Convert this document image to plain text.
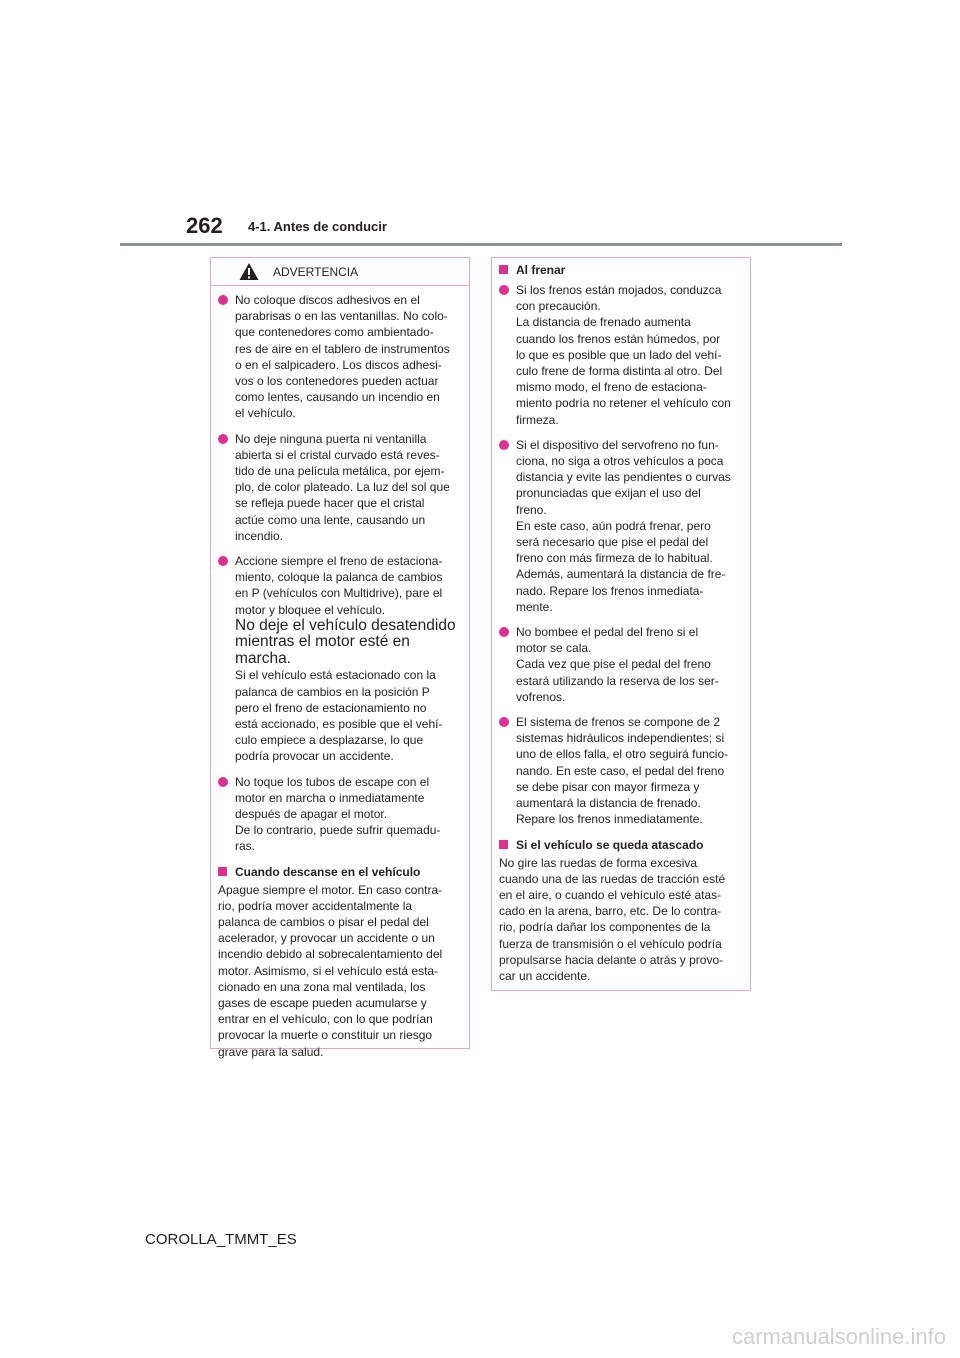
262 4-1. Antes de conducir
ADVERTENCIA

No coloque discos adhesivos en el
parabrisas o en las ventanillas. No colo-
que contenedores como ambientado-
res de aire en el tablero de instrumentos
o en el salpicadero. Los discos adhesi-
vos o los contenedores pueden actuar
como lentes, causando un incendio en
el vehículo.

No deje ninguna puerta ni ventanilla
abierta si el cristal curvado está reves-
tido de una película metálica, por ejem-
plo, de color plateado. La luz del sol que
se refleja puede hacer que el cristal
actúe como una lente, causando un
incendio.

Accione siempre el freno de estaciona-
miento, coloque la palanca de cambios
en P (vehículos con Multidrive), pare el
motor y bloquee el vehículo.

No deje el vehículo desatendido
mientras el motor esté en marcha.

Si el vehículo está estacionado con la
palanca de cambios en la posición P
pero el freno de estacionamiento no
está accionado, es posible que el vehí-
culo empiece a desplazarse, lo que
podría provocar un accidente.

No toque los tubos de escape con el
motor en marcha o inmediatamente
después de apagar el motor.
De lo contrario, puede sufrir quemadu-
ras.

Cuando descanse en el vehículo

Apague siempre el motor. En caso contra-
rio, podría mover accidentalmente la
palanca de cambios o pisar el pedal del
acelerador, y provocar un accidente o un
incendio debido al sobrecalentamiento del
motor. Asimismo, si el vehículo está esta-
cionado en una zona mal ventilada, los
gases de escape pueden acumularse y
entrar en el vehículo, con lo que podrían
provocar la muerte o constituir un riesgo
grave para la salud.

Al frenar

Si los frenos están mojados, conduzca
con precaución.
La distancia de frenado aumenta
cuando los frenos están húmedos, por
lo que es posible que un lado del vehí-
culo frene de forma distinta al otro. Del
mismo modo, el freno de estaciona-
miento podría no retener el vehículo con
firmeza.

Si el dispositivo del servofreno no fun-
ciona, no siga a otros vehículos a poca
distancia y evite las pendientes o curvas
pronunciadas que exijan el uso del
freno.
En este caso, aún podrá frenar, pero
será necesario que pise el pedal del
freno con más firmeza de lo habitual.
Además, aumentará la distancia de fre-
nado. Repare los frenos inmediata-
mente.

No bombee el pedal del freno si el
motor se cala.
Cada vez que pise el pedal del freno
estará utilizando la reserva de los ser-
vofrenos.

El sistema de frenos se compone de 2
sistemas hidráulicos independientes; si
uno de ellos falla, el otro seguirá funcio-
nando. En este caso, el pedal del freno
se debe pisar con mayor firmeza y
aumentará la distancia de frenado.
Repare los frenos inmediatamente.

Si el vehículo se queda atascado

No gire las ruedas de forma excesiva
cuando una de las ruedas de tracción esté
en el aire, o cuando el vehículo esté atas-
cado en la arena, barro, etc. De lo contra-
rio, podría dañar los componentes de la
fuerza de transmisión o el vehículo podría
propulsarse hacia delante o atrás y provo-
car un accidente.

COROLLA_TMMT_ES
carmanualsonline.info
